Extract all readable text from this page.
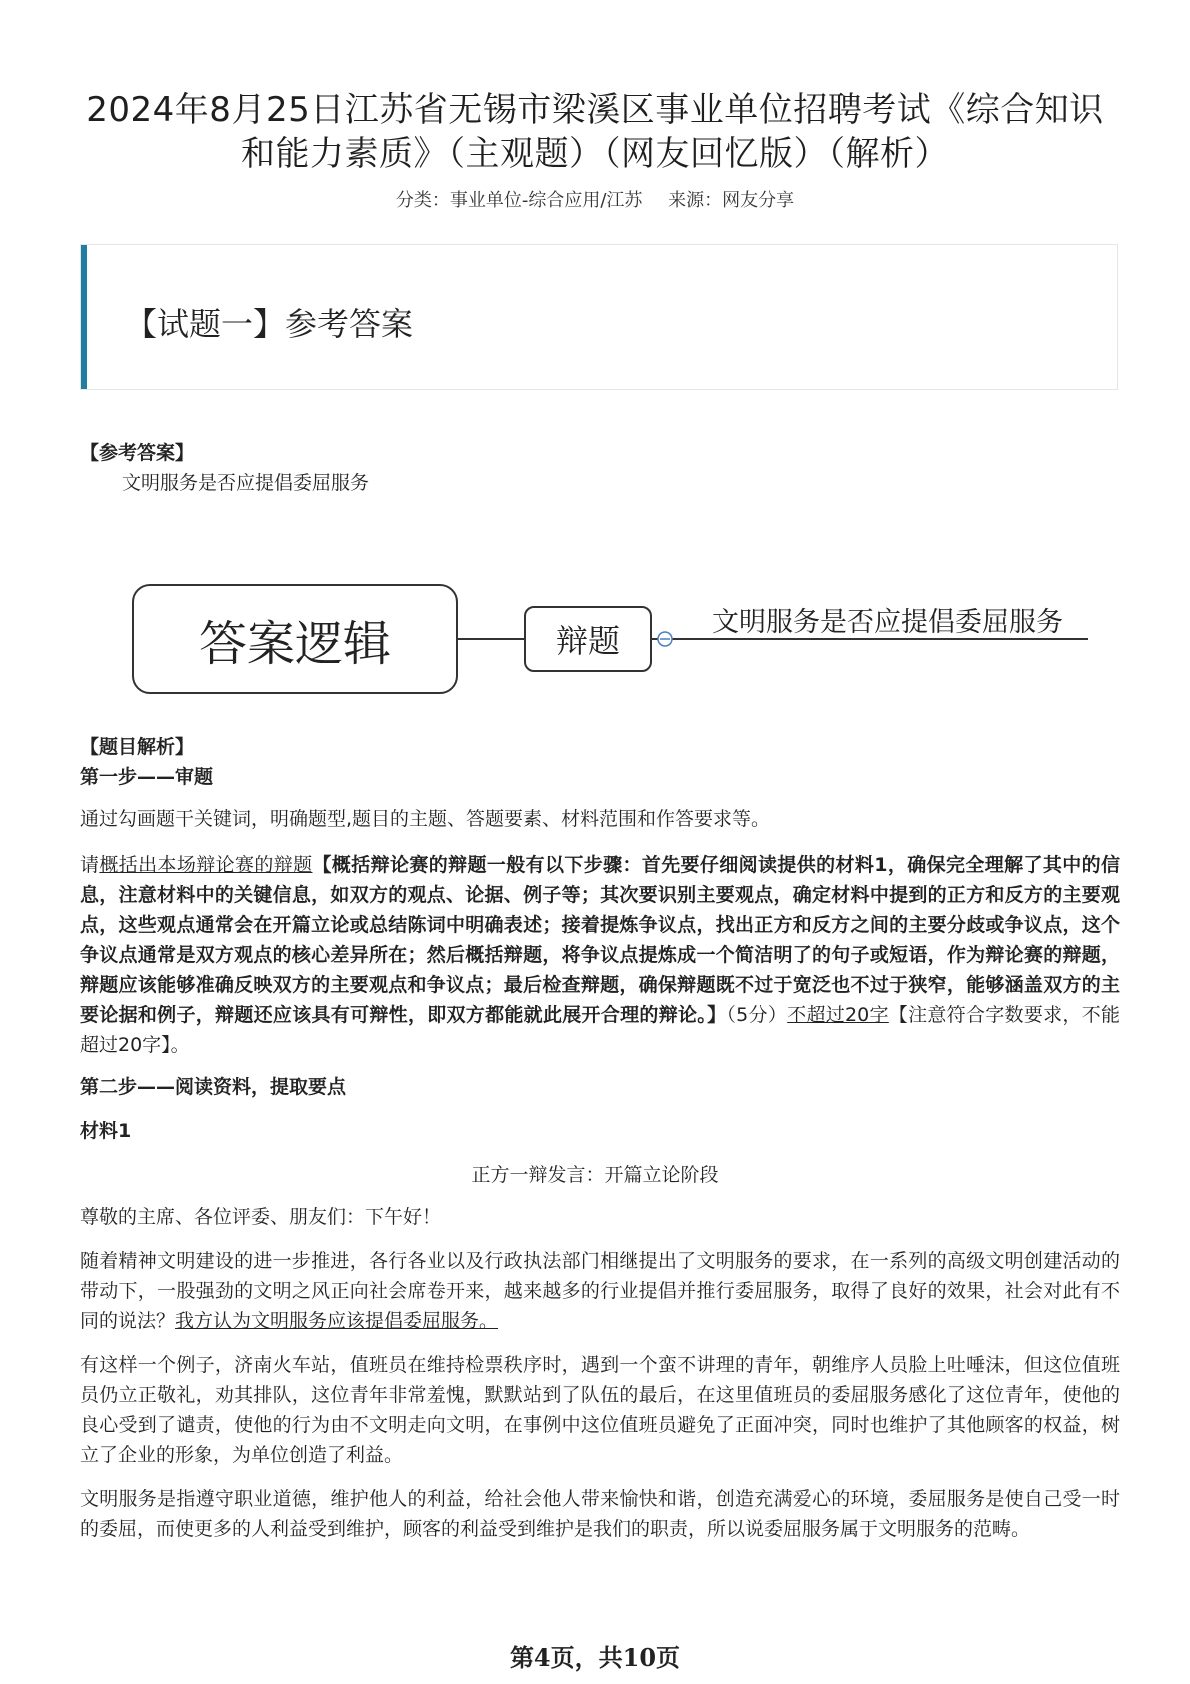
2024年8月25日江苏省无锡市梁溪区事业单位招聘考试《综合知识和能力素质》（主观题）（网友回忆版）（解析）
分类：事业单位-综合应用/江苏 来源：网友分享
【试题一】参考答案
【参考答案】
文明服务是否应提倡委屈服务
答案逻辑	辩题	文明服务是否应提倡委屈服务
【题目解析】
第一步——审题
通过勾画题干关键词，明确题型,题目的主题、答题要素、材料范围和作答要求等。
请概括出本场辩论赛的辩题【概括辩论赛的辩题一般有以下步骤：首先要仔细阅读提供的材料1，确保完全理解了其中的信息，注意材料中的关键信息，如双方的观点、论据、例子等；其次要识别主要观点，确定材料中提到的正方和反方的主要观点，这些观点通常会在开篇立论或总结陈词中明确表述；接着提炼争议点，找出正方和反方之间的主要分歧或争议点，这个争议点通常是双方观点的核心差异所在；然后概括辩题，将争议点提炼成一个简洁明了的句子或短语，作为辩论赛的辩题，辩题应该能够准确反映双方的主要观点和争议点；最后检查辩题，确保辩题既不过于宽泛也不过于狭窄，能够涵盖双方的主要论据和例子，辩题还应该具有可辩性，即双方都能就此展开合理的辩论。】（5分）不超过20字【注意符合字数要求，不能超过20字】。
第二步——阅读资料，提取要点
材料1
正方一辩发言：开篇立论阶段
尊敬的主席、各位评委、朋友们：下午好！
随着精神文明建设的进一步推进，各行各业以及行政执法部门相继提出了文明服务的要求，在一系列的高级文明创建活动的带动下，一股强劲的文明之风正向社会席卷开来，越来越多的行业提倡并推行委屈服务，取得了良好的效果，社会对此有不同的说法？我方认为文明服务应该提倡委屈服务。
有这样一个例子，济南火车站，值班员在维持检票秩序时，遇到一个蛮不讲理的青年，朝维序人员脸上吐唾沫，但这位值班员仍立正敬礼，劝其排队，这位青年非常羞愧，默默站到了队伍的最后，在这里值班员的委屈服务感化了这位青年，使他的良心受到了谴责，使他的行为由不文明走向文明，在事例中这位值班员避免了正面冲突，同时也维护了其他顾客的权益，树立了企业的形象，为单位创造了利益。
文明服务是指遵守职业道德，维护他人的利益，给社会他人带来愉快和谐，创造充满爱心的环境，委屈服务是使自己受一时的委屈，而使更多的人利益受到维护，顾客的利益受到维护是我们的职责，所以说委屈服务属于文明服务的范畴。
第4页，共10页
